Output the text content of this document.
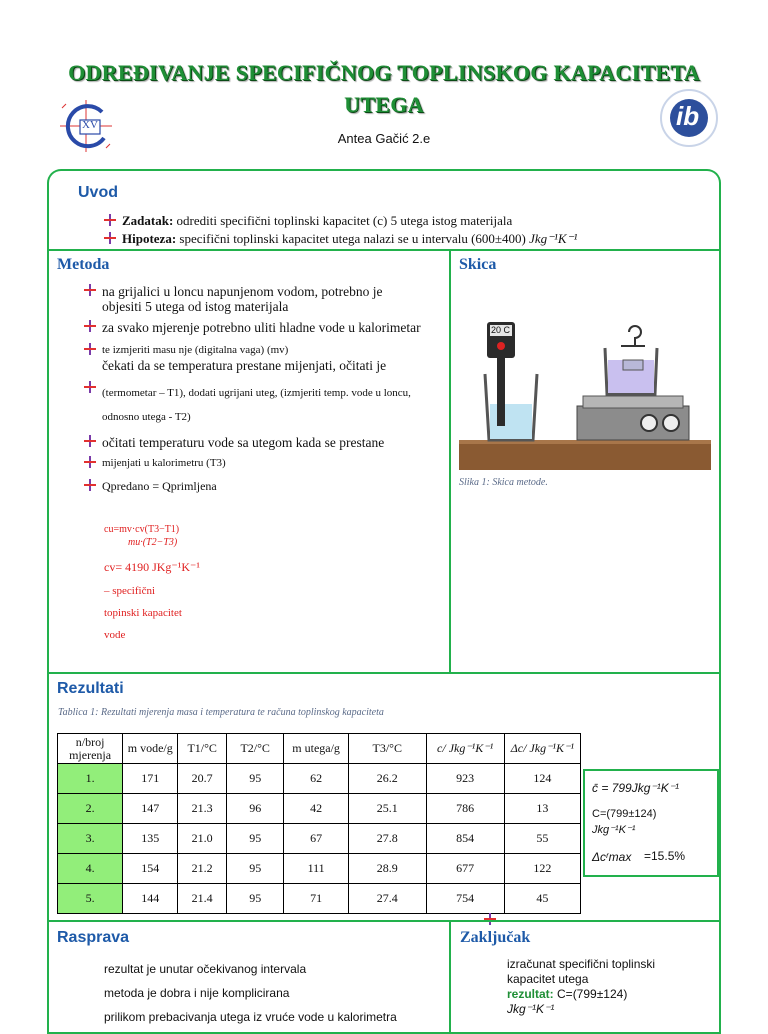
ODREĐIVANJE SPECIFIČNOG TOPLINSKOG KAPACITETA
UTEGA
Antea Gačić 2.e
XV	ib
Uvod
Zadatak: odrediti specifični toplinski kapacitet (c) 5 utega istog materijala
Hipoteza: specifični toplinski kapacitet utega nalazi se u intervalu (600±400) Jkg⁻¹K⁻¹
Metoda
na grijalici u loncu napunjenom vodom, potrebno je objesiti 5 utega od istog materijala
za svako mjerenje potrebno uliti hladne vode u kalorimetar
te izmjeriti masu nje (digitalna vaga) (mv)
čekati da se temperatura prestane mijenjati, očitati je
(termometar – T1), dodati ugrijani uteg, (izmjeriti temp. vode u loncu, odnosno utega - T2)
očitati temperaturu vode sa utegom kada se prestane
mijenjati u kalorimetru (T3)
Qpredano = Qprimljena
cu=mv·cv(T3−T1)
mu·(T2−T3)
cv= 4190 JKg⁻¹K⁻¹
– specifični
topinski kapacitet
vode
Skica
20 C
Slika 1: Skica metode.
Rezultati
Tablica 1: Rezultati mjerenja masa i temperatura te računa toplinskog kapaciteta
n/broj mjerenja	m vode/g	T1/°C	T2/°C	m utega/g	T3/°C	c/ Jkg⁻¹K⁻¹	Δc/ Jkg⁻¹K⁻¹
1.	171	20.7	95	62	26.2	923	124
2.	147	21.3	96	42	25.1	786	13
3.	135	21.0	95	67	27.8	854	55
4.	154	21.2	95	111	28.9	677	122
5.	144	21.4	95	71	27.4	754	45
c̄ = 799Jkg⁻¹K⁻¹
C=(799±124)
Jkg⁻¹K⁻¹
Δcʳmax =15.5%
Rasprava
rezultat je unutar očekivanog intervala
metoda je dobra i nije komplicirana
prilikom prebacivanja utega iz vruće vode u kalorimetra
Zaključak
izračunat specifični toplinski
kapacitet utega
rezultat: C=(799±124)
Jkg⁻¹K⁻¹
